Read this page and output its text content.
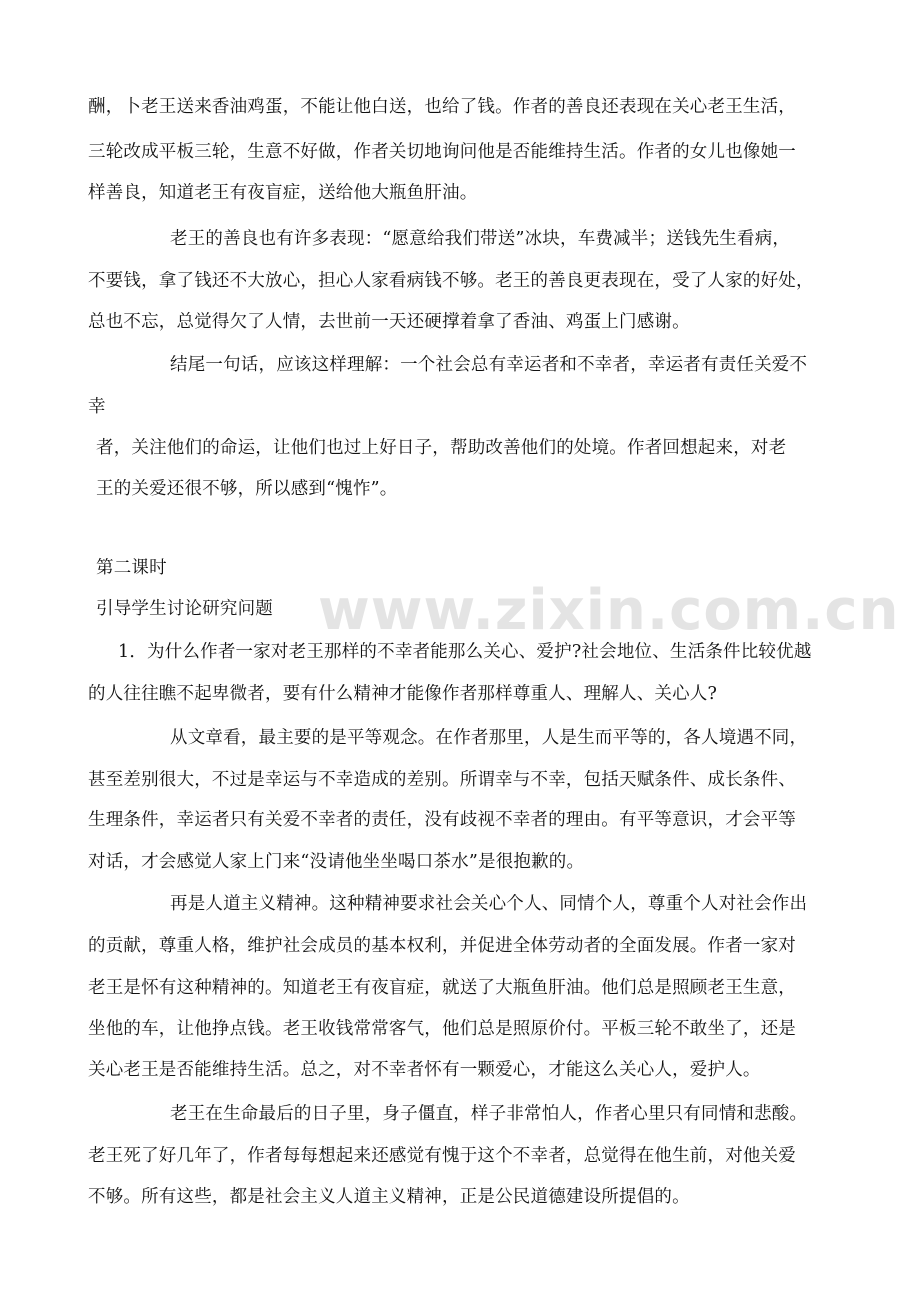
www.zixin.com.cn
酬，卜老王送来香油鸡蛋，不能让他白送，也给了钱。作者的善良还表现在关心老王生活，
三轮改成平板三轮，生意不好做，作者关切地询问他是否能维持生活。作者的女儿也像她一
样善良，知道老王有夜盲症，送给他大瓶鱼肝油。
老王的善良也有许多表现：“愿意给我们带送”冰块，车费减半；送钱先生看病，
不要钱，拿了钱还不大放心，担心人家看病钱不够。老王的善良更表现在，受了人家的好处，
总也不忘，总觉得欠了人情，去世前一天还硬撑着拿了香油、鸡蛋上门感谢。
结尾一句话，应该这样理解：一个社会总有幸运者和不幸者，幸运者有责任关爱不
幸
者，关注他们的命运，让他们也过上好日子，帮助改善他们的处境。作者回想起来，对老
王的关爱还很不够，所以感到“愧怍”。
第二课时
引导学生讨论研究问题
1．为什么作者一家对老王那样的不幸者能那么关心、爱护?社会地位、生活条件比较优越
的人往往瞧不起卑微者，要有什么精神才能像作者那样尊重人、理解人、关心人?
从文章看，最主要的是平等观念。在作者那里，人是生而平等的，各人境遇不同，
甚至差别很大，不过是幸运与不幸造成的差别。所谓幸与不幸，包括天赋条件、成长条件、
生理条件，幸运者只有关爱不幸者的责任，没有歧视不幸者的理由。有平等意识，才会平等
对话，才会感觉人家上门来“没请他坐坐喝口茶水”是很抱歉的。
再是人道主义精神。这种精神要求社会关心个人、同情个人，尊重个人对社会作出
的贡献，尊重人格，维护社会成员的基本权利，并促进全体劳动者的全面发展。作者一家对
老王是怀有这种精神的。知道老王有夜盲症，就送了大瓶鱼肝油。他们总是照顾老王生意，
坐他的车，让他挣点钱。老王收钱常常客气，他们总是照原价付。平板三轮不敢坐了，还是
关心老王是否能维持生活。总之，对不幸者怀有一颗爱心，才能这么关心人，爱护人。
老王在生命最后的日子里，身子僵直，样子非常怕人，作者心里只有同情和悲酸。
老王死了好几年了，作者每每想起来还感觉有愧于这个不幸者，总觉得在他生前，对他关爱
不够。所有这些，都是社会主义人道主义精神，正是公民道德建设所提倡的。
